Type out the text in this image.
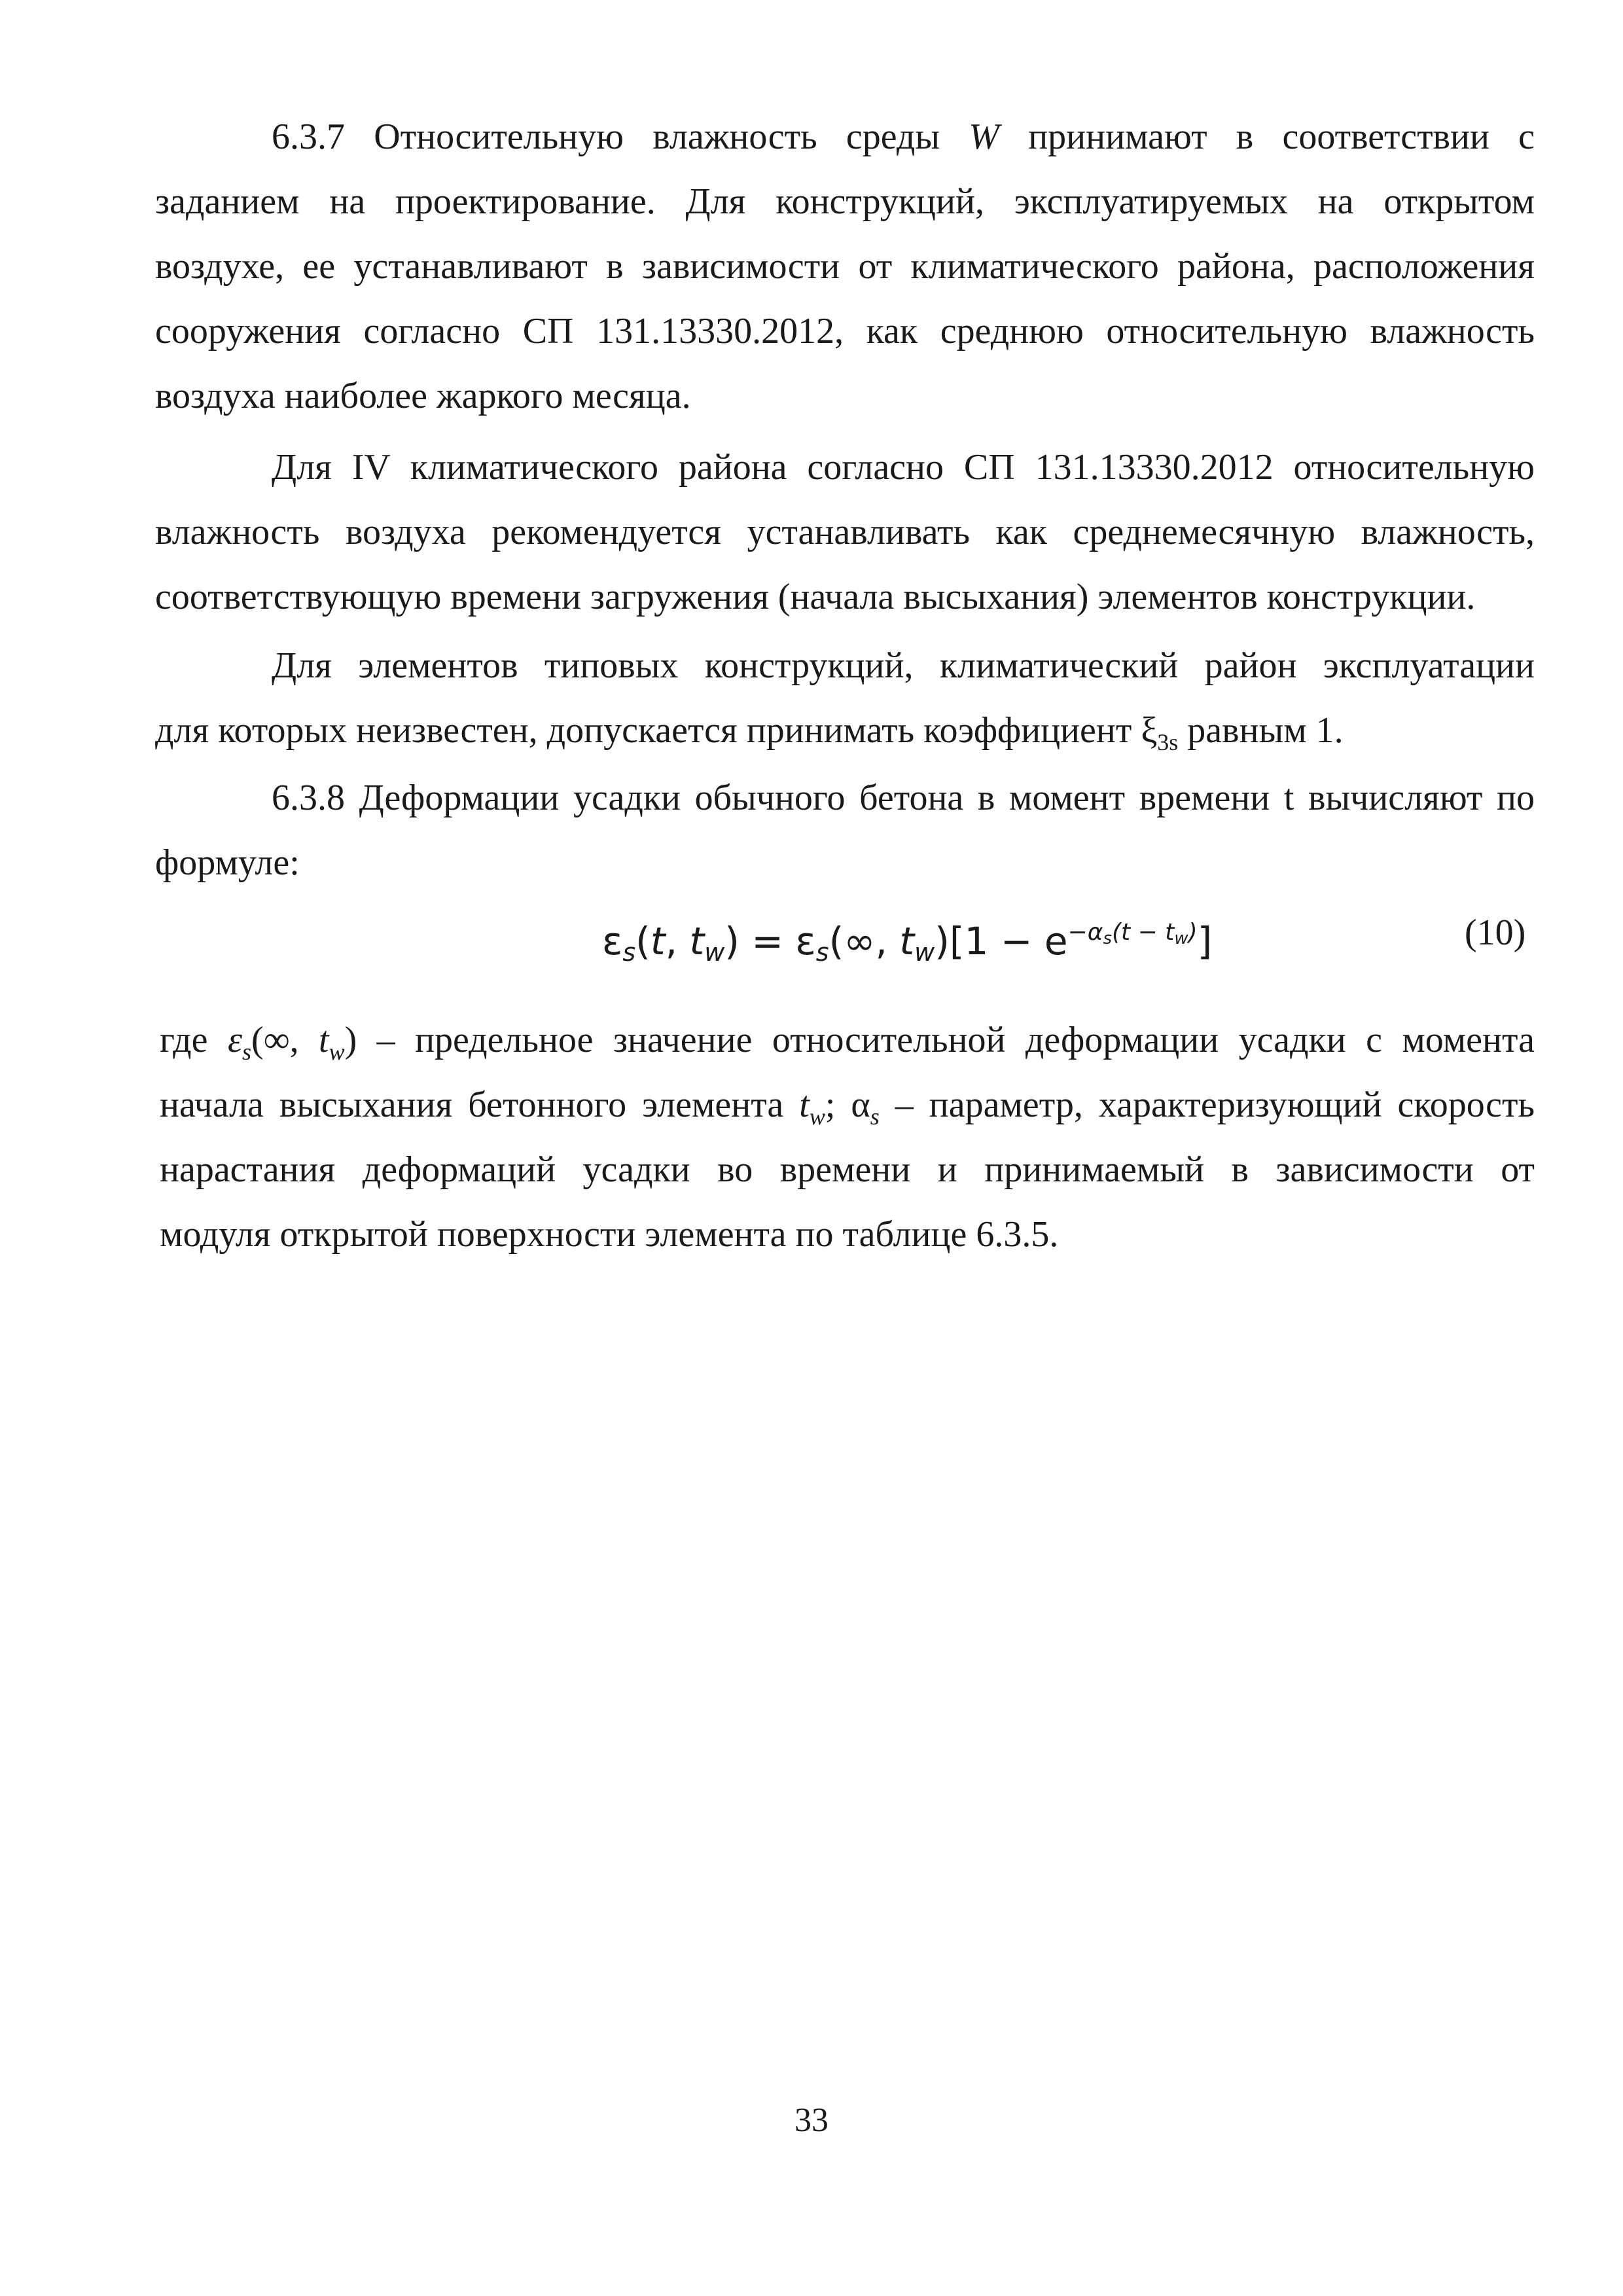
6.3.7 Относительную влажность среды W принимают в соответствии с
заданием на проектирование. Для конструкций, эксплуатируемых на открытом
воздухе, ее устанавливают в зависимости от климатического района, расположения
сооружения согласно СП 131.13330.2012, как среднюю относительную влажность
воздуха наиболее жаркого месяца.
Для IV климатического района согласно СП 131.13330.2012 относительную
влажность воздуха рекомендуется устанавливать как среднемесячную влажность,
соответствующую времени загружения (начала высыхания) элементов конструкции.
Для элементов типовых конструкций, климатический район эксплуатации
для которых неизвестен, допускается принимать коэффициент $\xi_{3s}$ равным 1.
6.3.8 Деформации усадки обычного бетона в момент времени t вычисляют по
формуле:
$\varepsilon_s(t$, $t_w) = \varepsilon_s(\infty$, $t_w)[1 - e^{-\alpha_s(t - t_w)}]$	(10)
где $\varepsilon_s(\infty$, $t_w$) – предельное значение относительной деформации усадки с момента
начала высыхания бетонного элемента $t_w$; $\alpha_s$ – параметр, характеризующий скорость
нарастания деформаций усадки во времени и принимаемый в зависимости от
модуля открытой поверхности элемента по таблице 6.3.5.
33
